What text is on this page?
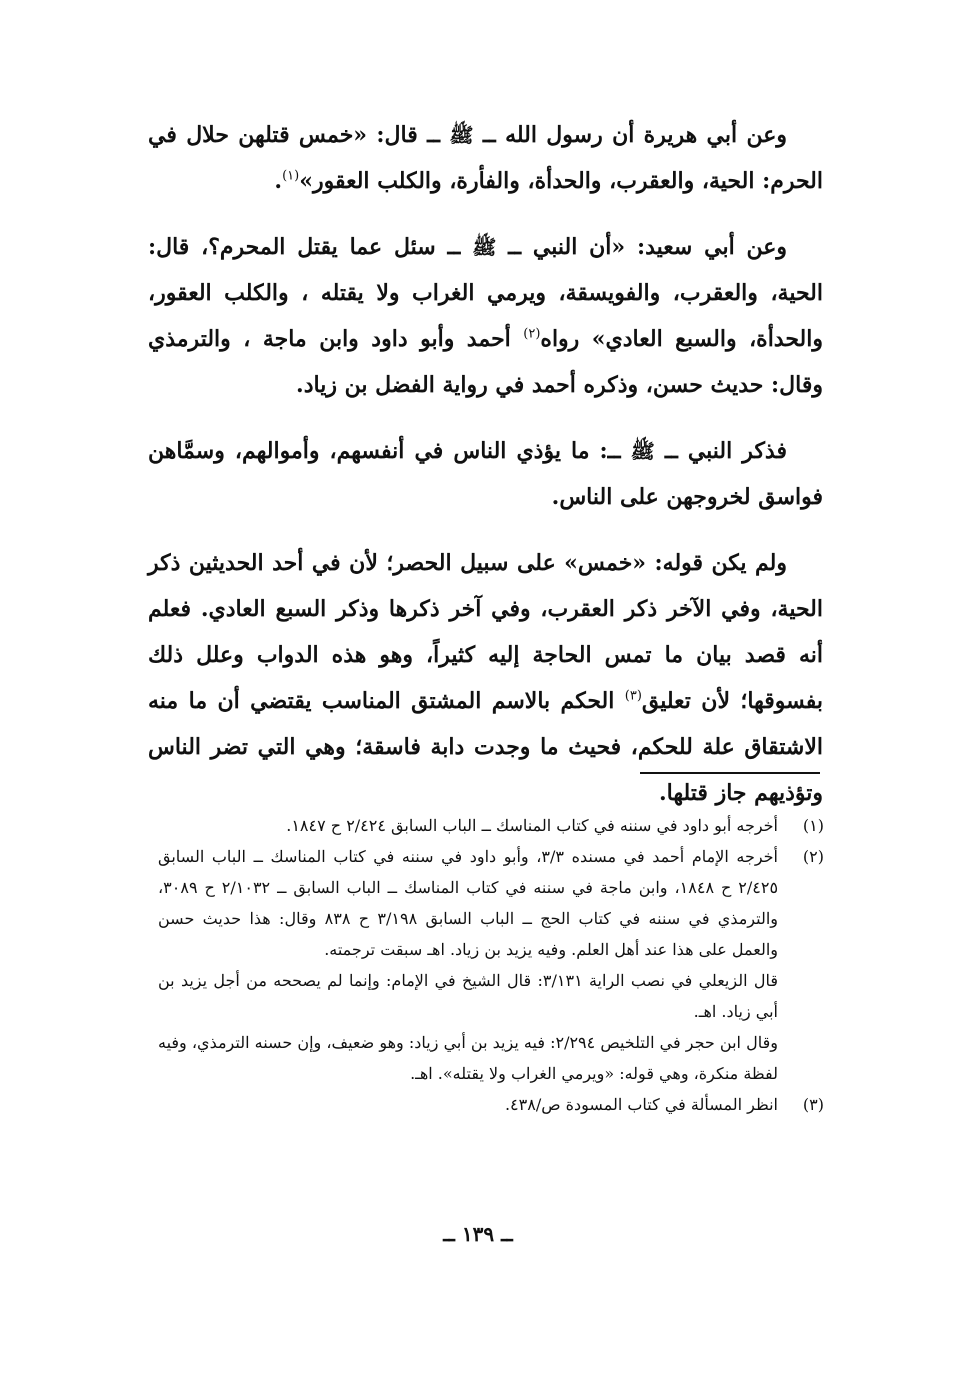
وعن أبي هريرة أن رسول الله ــ ﷺ ــ قال: «خمس قتلهن حلال في الحرم: الحية، والعقرب، والحدأة، والفأرة، والكلب العقور»$^{(١)}$.

وعن أبي سعيد: «أن النبي ــ ﷺ ــ سئل عما يقتل المحرم؟، قال: الحية، والعقرب، والفويسقة، ويرمي الغراب ولا يقتله ، والكلب العقور، والحدأة، والسبع العادي» رواه$^{(٢)}$ أحمد وأبو داود وابن ماجة ، والترمذي وقال: حديث حسن، وذكره أحمد في رواية الفضل بن زياد.

فذكر النبي ــ ﷺ ــ: ما يؤذي الناس في أنفسهم، وأموالهم، وسمَّاهن فواسق لخروجهن على الناس.

ولم يكن قوله: «خمس» على سبيل الحصر؛ لأن في أحد الحديثين ذكر الحية، وفي الآخر ذكر العقرب، وفي آخر ذكرها وذكر السبع العادي. فعلم أنه قصد بيان ما تمس الحاجة إليه كثيراً، وهو هذه الدواب وعلل ذلك بفسوقها؛ لأن تعليق$^{(٣)}$ الحكم بالاسم المشتق المناسب يقتضي أن ما منه الاشتقاق علة للحكم، فحيث ما وجدت دابة فاسقة؛ وهي التي تضر الناس وتؤذيهم جاز قتلها.

(١)
أخرجه أبو داود في سننه في كتاب المناسك ــ الباب السابق ٢/٤٢٤ ح ١٨٤٧.
(٢)
أخرجه الإمام أحمد في مسنده ٣/٣، وأبو داود في سننه في كتاب المناسك ــ الباب السابق ٢/٤٢٥ ح ١٨٤٨، وابن ماجة في سننه في كتاب المناسك ــ الباب السابق ــ ٢/١٠٣٢ ح ٣٠٨٩، والترمذي في سننه في كتاب الحج ــ الباب السابق ٣/١٩٨ ح ٨٣٨ وقال: هذا حديث حسن والعمل على هذا عند أهل العلم. وفيه يزيد بن زياد. اهـ سبقت ترجمته.
قال الزيعلي في نصب الراية ٣/١٣١: قال الشيخ في الإمام: وإنما لم يصححه من أجل يزيد بن أبي زياد. اهـ.
وقال ابن حجر في التلخيص ٢/٢٩٤: فيه يزيد بن أبي زياد: وهو ضعيف، وإن حسنه الترمذي، وفيه لفظة منكرة، وهي قوله: «ويرمي الغراب ولا يقتله». اهـ.
(٣)
انظر المسألة في كتاب المسودة ص/٤٣٨.
ــ ١٣٩ ــ
